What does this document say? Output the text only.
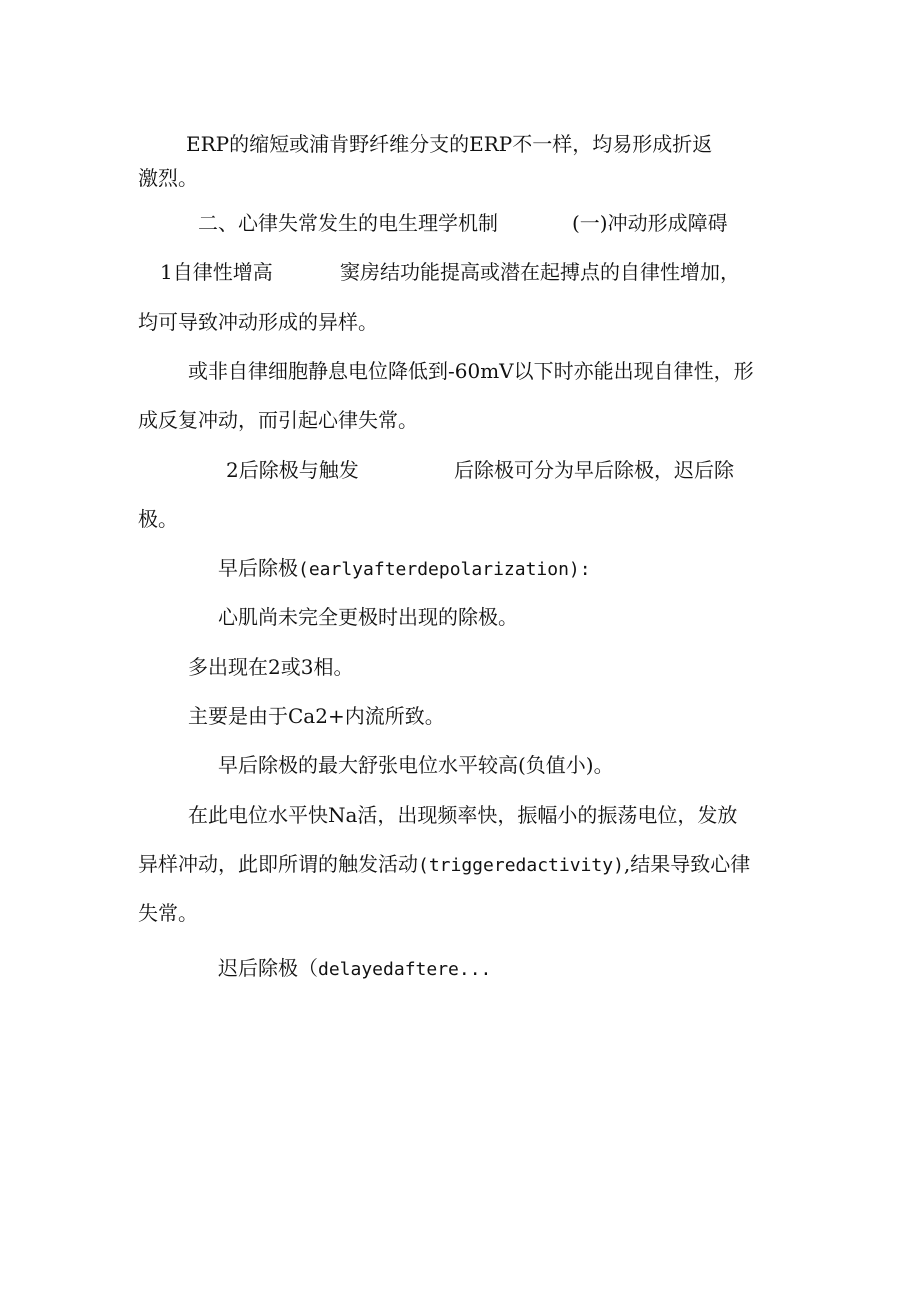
ERP的缩短或浦肯野纤维分支的ERP不一样，均易形成折返
激烈。
二、心律失常发生的电生理学机制	(一)冲动形成障碍
1自律性增高	窦房结功能提高或潜在起搏点的自律性增加，
均可导致冲动形成的异样。
或非自律细胞静息电位降低到-60mV以下时亦能出现自律性，形
成反复冲动，而引起心律失常。
2后除极与触发	后除极可分为早后除极，迟后除
极。
早后除极(earlyafterdepolarization):
心肌尚未完全更极时出现的除极。
多出现在2或3相。
主要是由于Ca2+内流所致。
早后除极的最大舒张电位水平较高(负值小)。
在此电位水平快Na活，出现频率快，振幅小的振荡电位，发放
异样冲动，此即所谓的触发活动(triggeredactivity),结果导致心律
失常。
迟后除极（delayedaftere...
